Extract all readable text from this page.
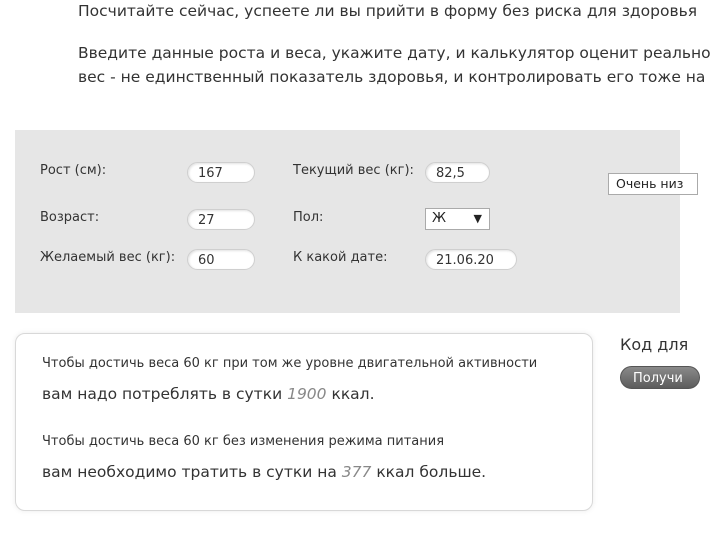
Посчитайте сейчас, успеете ли вы прийти в форму без риска для здоровья

Введите данные роста и веса, укажите дату, и калькулятор оценит реально

вес - не единственный показатель здоровья, и контролировать его тоже на

Рост (см):	167	Текущий вес (кг):	82,5
Возраст:	27	Пол:	Ж	▼
Желаемый вес (кг):	60	К какой дате:	21.06.20
Очень низ
Чтобы достичь веса 60 кг при том же уровне двигательной активности
вам надо потреблять в сутки 1900 ккал.
Чтобы достичь веса 60 кг без изменения режима питания
вам необходимо тратить в сутки на 377 ккал больше.
Код для
Получи
